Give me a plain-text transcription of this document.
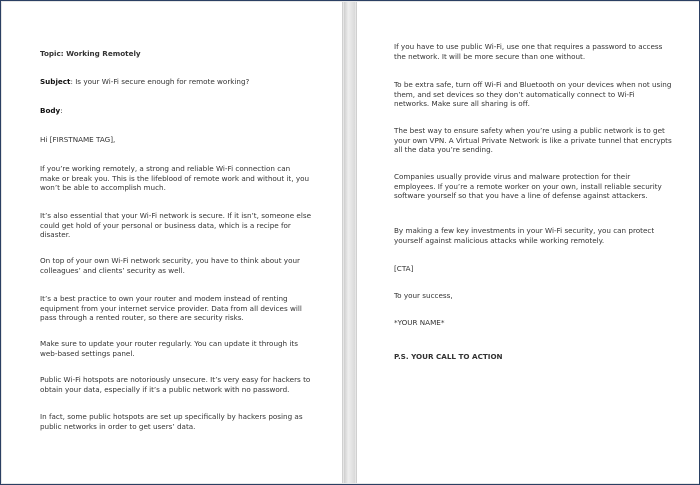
Topic: Working Remotely

Subject: Is your Wi-Fi secure enough for remote working?

Body:

Hi [FIRSTNAME TAG],

If you’re working remotely, a strong and reliable Wi-Fi connection can make or break you. This is the lifeblood of remote work and without it, you won’t be able to accomplish much.

It’s also essential that your Wi-Fi network is secure. If it isn’t, someone else could get hold of your personal or business data, which is a recipe for disaster.

On top of your own Wi-Fi network security, you have to think about your colleagues’ and clients’ security as well.

It’s a best practice to own your router and modem instead of renting equipment from your internet service provider. Data from all devices will pass through a rented router, so there are security risks.

Make sure to update your router regularly. You can update it through its web-based settings panel.

Public Wi-Fi hotspots are notoriously unsecure. It’s very easy for hackers to obtain your data, especially if it’s a public network with no password.

In fact, some public hotspots are set up specifically by hackers posing as public networks in order to get users’ data.

If you have to use public Wi-Fi, use one that requires a password to access the network. It will be more secure than one without.

To be extra safe, turn off Wi-Fi and Bluetooth on your devices when not using them, and set devices so they don’t automatically connect to Wi-Fi networks. Make sure all sharing is off.

The best way to ensure safety when you’re using a public network is to get your own VPN. A Virtual Private Network is like a private tunnel that encrypts all the data you’re sending.

Companies usually provide virus and malware protection for their employees. If you’re a remote worker on your own, install reliable security software yourself so that you have a line of defense against attackers.

By making a few key investments in your Wi-Fi security, you can protect yourself against malicious attacks while working remotely.

[CTA]

To your success,

*YOUR NAME*

P.S. YOUR CALL TO ACTION
